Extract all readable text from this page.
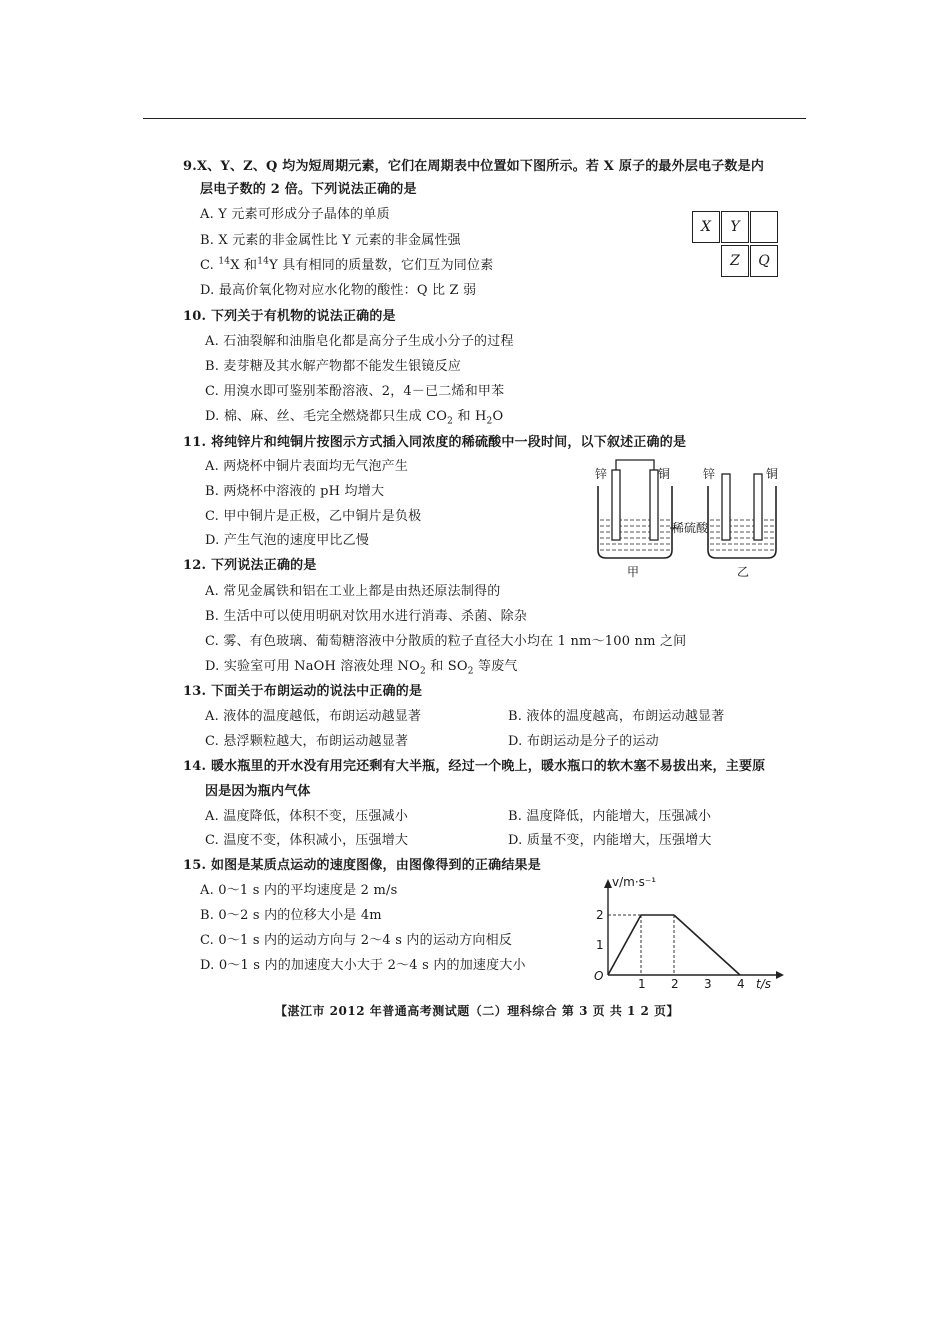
9.X、Y、Z、Q 均为短周期元素，它们在周期表中位置如下图所示。若 X 原子的最外层电子数是内
层电子数的 2 倍。下列说法正确的是
A. Y 元素可形成分子晶体的单质
B. X 元素的非金属性比 Y 元素的非金属性强
C. $^{14}$X 和$^{14}$Y 具有相同的质量数，它们互为同位素
D. 最高价氧化物对应水化物的酸性：Q 比 Z 弱
X	Y
Z	Q
10. 下列关于有机物的说法正确的是
A. 石油裂解和油脂皂化都是高分子生成小分子的过程
B. 麦芽糖及其水解产物都不能发生银镜反应
C. 用溴水即可鉴别苯酚溶液、2，4－已二烯和甲苯
D. 棉、麻、丝、毛完全燃烧都只生成 $CO_2$ 和 $H_2O$
11. 将纯锌片和纯铜片按图示方式插入同浓度的稀硫酸中一段时间，以下叙述正确的是
A. 两烧杯中铜片表面均无气泡产生
B. 两烧杯中溶液的 pH 均增大
C. 甲中铜片是正极，乙中铜片是负极
D. 产生气泡的速度甲比乙慢
锌	铜	锌	铜
稀硫酸
甲	乙
12. 下列说法正确的是
A. 常见金属铁和铝在工业上都是由热还原法制得的
B. 生活中可以使用明矾对饮用水进行消毒、杀菌、除杂
C. 雾、有色玻璃、葡萄糖溶液中分散质的粒子直径大小均在 1 nm～100 nm 之间
D. 实验室可用 NaOH 溶液处理 $NO_2$ 和 $SO_2$ 等废气
13. 下面关于布朗运动的说法中正确的是
A. 液体的温度越低，布朗运动越显著	B. 液体的温度越高，布朗运动越显著
C. 悬浮颗粒越大，布朗运动越显著	D. 布朗运动是分子的运动
14. 暖水瓶里的开水没有用完还剩有大半瓶，经过一个晚上，暖水瓶口的软木塞不易拔出来，主要原
因是因为瓶内气体
A. 温度降低，体积不变，压强减小	B. 温度降低，内能增大，压强减小
C. 温度不变，体积减小，压强增大	D. 质量不变，内能增大，压强增大
15. 如图是某质点运动的速度图像，由图像得到的正确结果是
A. 0～1 s 内的平均速度是 2 m/s
B. 0～2 s 内的位移大小是 4m
C. 0～1 s 内的运动方向与 2～4 s 内的运动方向相反
D. 0～1 s 内的加速度大小大于 2～4 s 内的加速度大小
1 2 3 4
1
2
O
v/m·s⁻¹
t/s
【湛江市 2012 年普通高考测试题（二）理科综合 第 3 页 共 1 2 页】
